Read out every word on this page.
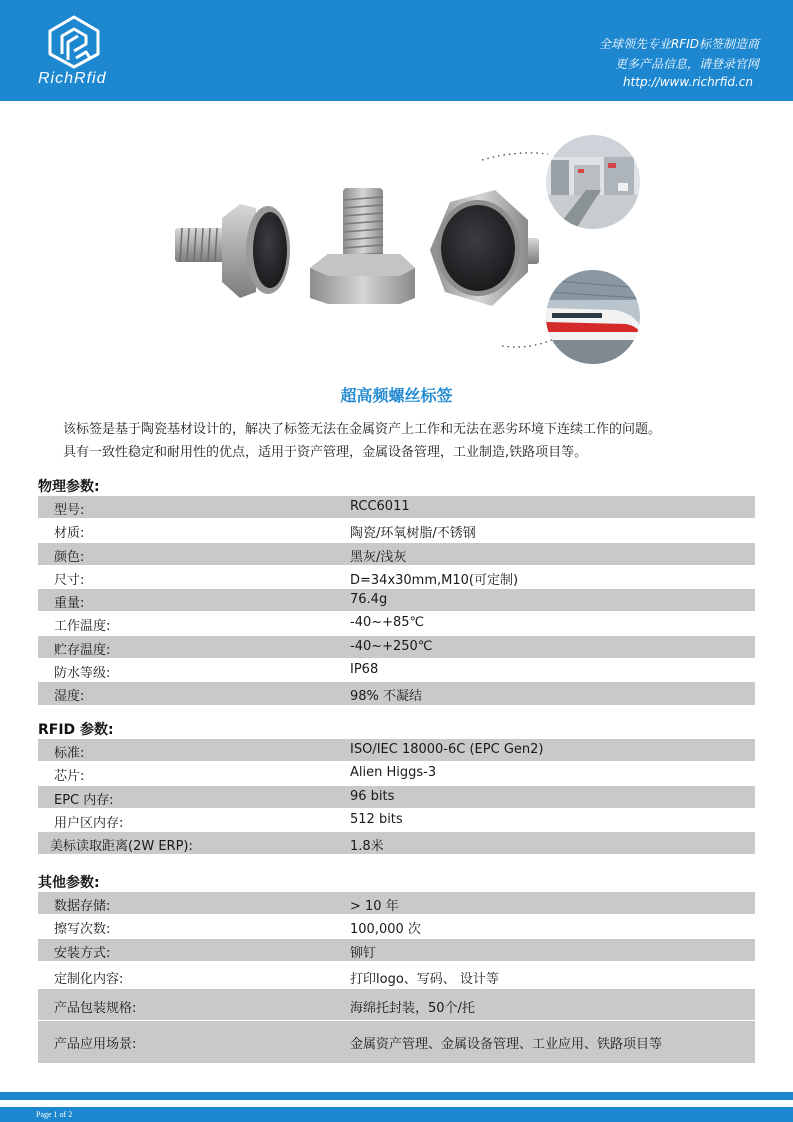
RichRfid
全球领先专业RFID标签制造商
更多产品信息，请登录官网
http://www.richrfid.cn
超高频螺丝标签
该标签是基于陶瓷基材设计的，解决了标签无法在金属资产上工作和无法在恶劣环境下连续工作的问题。
具有一致性稳定和耐用性的优点，适用于资产管理，金属设备管理，工业制造,铁路项目等。
物理参数:
型号:	RCC6011
材质:	陶瓷/环氧树脂/不锈钢
颜色:	黑灰/浅灰
尺寸:	D=34x30mm,M10(可定制)
重量:	76.4g
工作温度:	-40~+85℃
贮存温度:	-40~+250℃
防水等级:	IP68
湿度:	98% 不凝结
RFID 参数:
标准:	ISO/IEC 18000-6C (EPC Gen2)
芯片:	Alien Higgs-3
EPC 内存:	96 bits
用户区内存:	512 bits
美标读取距离(2W ERP):	1.8米
其他参数:
数据存储:	> 10 年
擦写次数:	100,000 次
安装方式:	铆钉
定制化内容:	打印logo、写码、 设计等
产品包装规格:	海绵托封装，50个/托
产品应用场景:	金属资产管理、金属设备管理、工业应用、铁路项目等
Page 1 of 2
